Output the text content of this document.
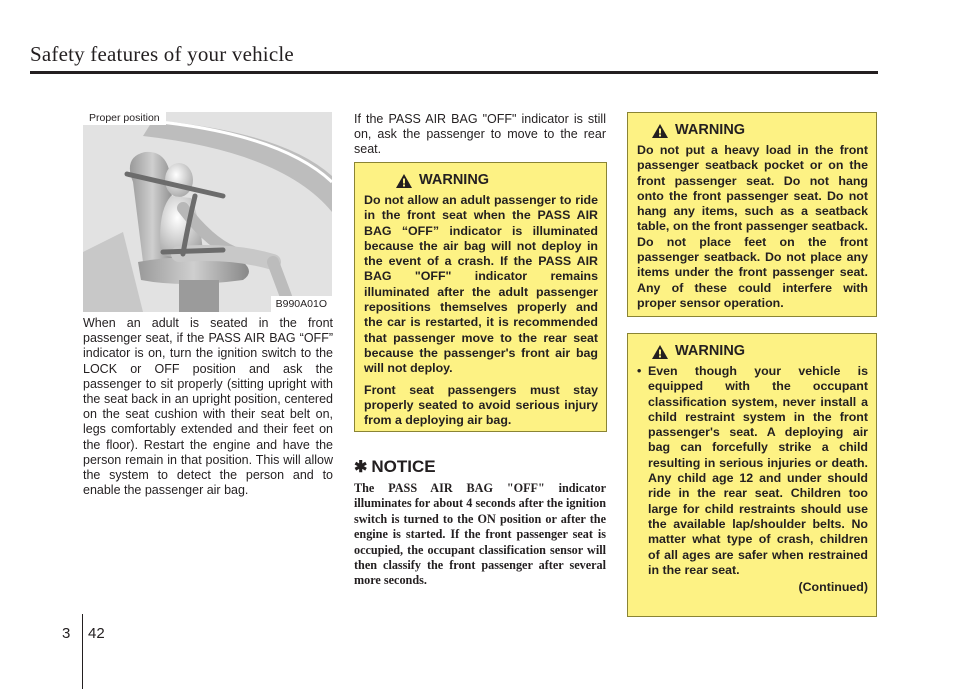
Safety features of your vehicle
B990A01O
Proper position

When an adult is seated in the front passenger seat, if the PASS AIR BAG “OFF” indicator is on, turn the ignition switch to the LOCK or OFF position and ask the passenger to sit properly (sitting upright with the seat back in an upright position, centered on the seat cushion with their seat belt on, legs comfortably extended and their feet on the floor). Restart the engine and have the person remain in that position. This will allow the system to detect the person and to enable the passenger air bag.

If the PASS AIR BAG "OFF" indicator is still on, ask the passenger to move to the rear seat.

WARNING

Do not allow an adult passenger to ride in the front seat when the PASS AIR BAG “OFF” indicator is illuminated because the air bag will not deploy in the event of a crash. If the PASS AIR BAG "OFF" indicator remains illuminated after the adult passenger repositions themselves properly and the car is restarted, it is recommended that passenger move to the rear seat because the passenger's front air bag will not deploy.

Front seat passengers must stay properly seated to avoid serious injury from a deploying air bag.

✱ NOTICE

The PASS AIR BAG "OFF" indicator illuminates for about 4 seconds after the ignition switch is turned to the ON position or after the engine is started. If the front passenger seat is occupied, the occupant classification sensor will then classify the front passenger after several more seconds.

WARNING

Do not put a heavy load in the front passenger seatback pocket or on the front passenger seat. Do not hang onto the front passenger seat. Do not hang any items, such as a seatback table, on the front passenger seatback. Do not place feet on the front passenger seatback. Do not place any items under the front passenger seat. Any of these could interfere with proper sensor operation.

WARNING
• Even though your vehicle is equipped with the occupant classification system, never install a child restraint system in the front passenger's seat. A deploying air bag can forcefully strike a child resulting in serious injuries or death. Any child age 12 and under should ride in the rear seat. Children too large for child restraints should use the available lap/shoulder belts. No matter what type of crash, children of all ages are safer when restrained in the rear seat.
(Continued)
3 42
